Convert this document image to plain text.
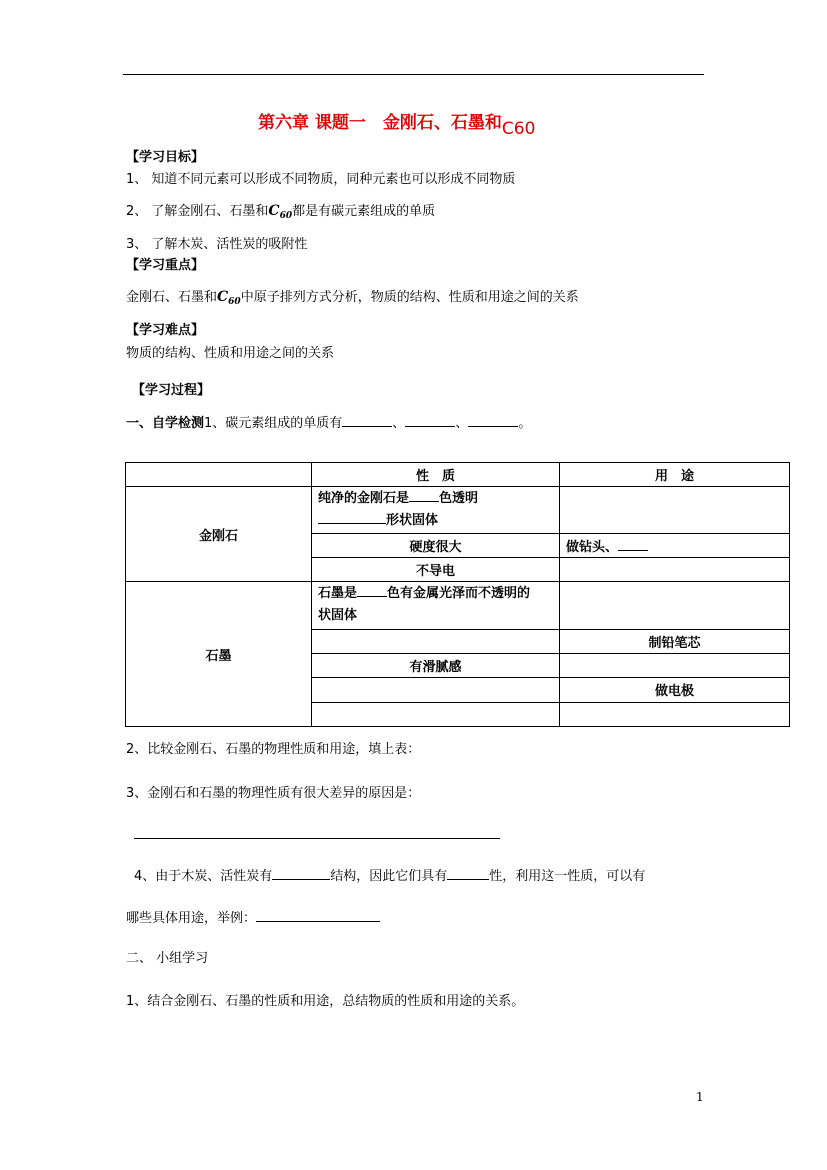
第六章 课题一　金刚石、石墨和C60
【学习目标】
1、 知道不同元素可以形成不同物质，同种元素也可以形成不同物质
2、 了解金刚石、石墨和$C_{60}$都是有碳元素组成的单质
3、 了解木炭、活性炭的吸附性
【学习重点】
金刚石、石墨和$C_{60}$中原子排列方式分析，物质的结构、性质和用途之间的关系
【学习难点】
物质的结构、性质和用途之间的关系
【学习过程】
一、自学检测1、碳元素组成的单质有	、	、	。
	性　质	用　途
金刚石	纯净的金刚石是 色透明
形状固体	
	硬度很大	做钻头、
	不导电	
石墨	石墨是 色有金属光泽而不透明的
状固体	
		制铅笔芯
	有滑腻感	
		做电极

2、比较金刚石、石墨的物理性质和用途，填上表：
3、金刚石和石墨的物理性质有很大差异的原因是：
4、由于木炭、活性炭有	结构，因此它们具有	性，利用这一性质，可以有
哪些具体用途，举例：
二、 小组学习
1、结合金刚石、石墨的性质和用途，总结物质的性质和用途的关系。
1
